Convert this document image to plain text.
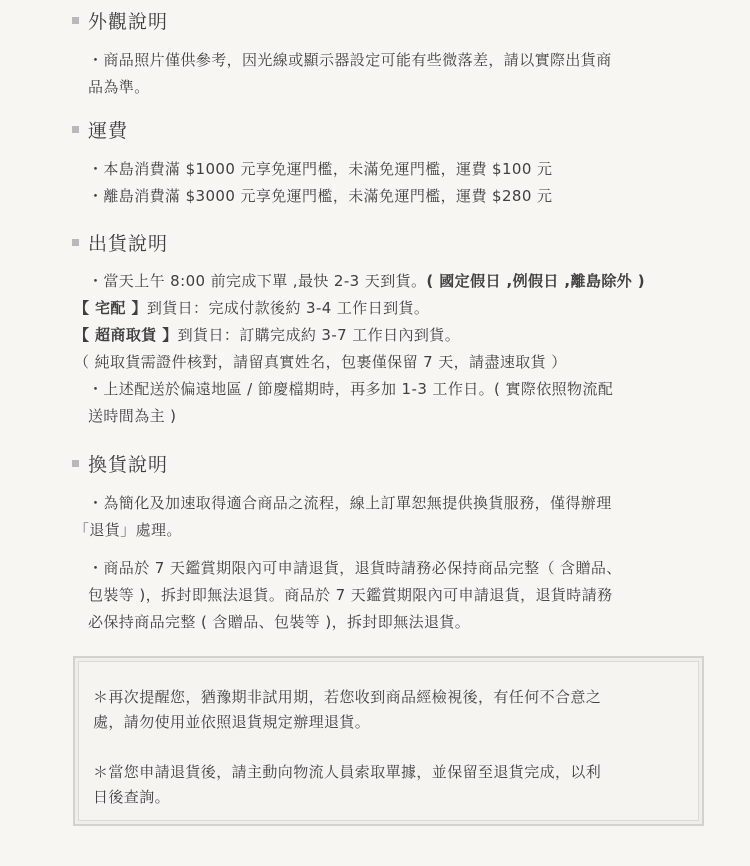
外觀說明
・商品照片僅供參考，因光線或顯示器設定可能有些微落差，請以實際出貨商
品為準。
運費
・本島消費滿 $1000 元享免運門檻，未滿免運門檻，運費 $100 元
・離島消費滿 $3000 元享免運門檻，未滿免運門檻，運費 $280 元
出貨說明
・當天上午 8:00 前完成下單 ,最快 2-3 天到貨。( 國定假日 ,例假日 ,離島除外 )
【 宅配 】到貨日：完成付款後約 3-4 工作日到貨。
【 超商取貨 】到貨日：訂購完成約 3-7 工作日內到貨。
（ 純取貨需證件核對，請留真實姓名，包裹僅保留 7 天，請盡速取貨 ）
・上述配送於偏遠地區 / 節慶檔期時，再多加 1-3 工作日。( 實際依照物流配
送時間為主 )
換貨說明
・為簡化及加速取得適合商品之流程，線上訂單恕無提供換貨服務，僅得辦理
「退貨」處理。
・商品於 7 天鑑賞期限內可申請退貨，退貨時請務必保持商品完整（ 含贈品、
包裝等 )，拆封即無法退貨。商品於 7 天鑑賞期限內可申請退貨，退貨時請務
必保持商品完整 ( 含贈品、包裝等 )，拆封即無法退貨。
＊再次提醒您，猶豫期非試用期，若您收到商品經檢視後，有任何不合意之
處，請勿使用並依照退貨規定辦理退貨。
＊當您申請退貨後，請主動向物流人員索取單據，並保留至退貨完成，以利
日後查詢。
